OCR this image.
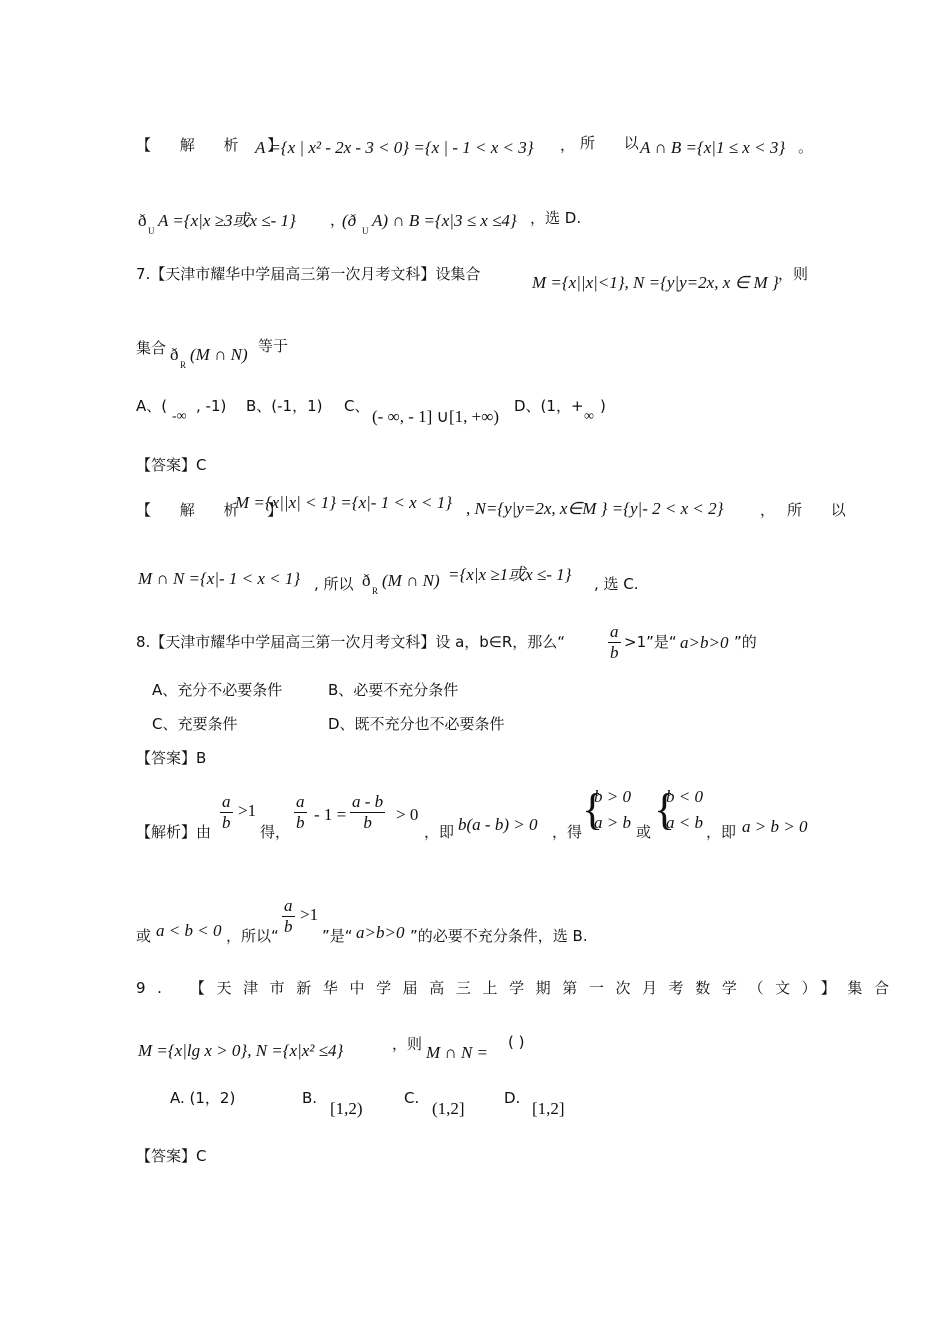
【 解 析 】
A ={x | x² - 2x - 3 < 0} ={x | - 1 < x < 3} ， 所 以
A ∩ B ={x|1 ≤ x < 3} 。
ð
U
A ={x|x ≥3或x ≤- 1} ，
(ð
U
A) ∩ B ={x|3 ≤ x ≤4} ，选 D.
7.【天津市耀华中学届高三第一次月考文科】设集合	M ={x||x|<1}, N ={y|y=2x, x ∈ M } ，则
集合 ð
R
(M ∩ N) 等于
A、(
-∞
, -1) B、(-1，1) C、
(- ∞, - 1] ∪[1, +∞)
D、(1，+
∞
)
【答案】C
【 解 析 】
M ={x||x| < 1} ={x|- 1 < x < 1} , N={y|y=2x, x∈M } ={y|- 2 < x < 2} ，所 以
M ∩ N ={x|- 1 < x < 1} , 所以 ð
R
(M ∩ N) ={x|x ≥1或x ≤- 1} , 选 C.
8.【天津市耀华中学届高三第一次月考文科】设 a，b∈R，那么“	$\frac{a}{b} >1$”是“ a>b>0 ”的
A、充分不必要条件	B、必要不充分条件
C、充要条件	D、既不充分也不必要条件
【答案】B
【解析】由 $\frac{a}{b} >1$
得， $\frac{a}{b} - 1 = \frac{a - b}{b} > 0$
，即 b(a - b) > 0 ，得 {
b > 0
a > b 或 {
b < 0
a < b ，即 a > b > 0
或 a < b < 0 ，所以“ $\frac{a}{b} >1$
”是“ a>b>0 ”的必要不充分条件，选 B.
9. 【天津市新华中学届高三上学期第一次月考数学（文）】集合
M ={x|lg x > 0}, N ={x|x² ≤4}	，则 M ∩ N =
( )
A. (1，2)	B.
[1,2)
C.
(1,2]
D.
[1,2]
【答案】C
